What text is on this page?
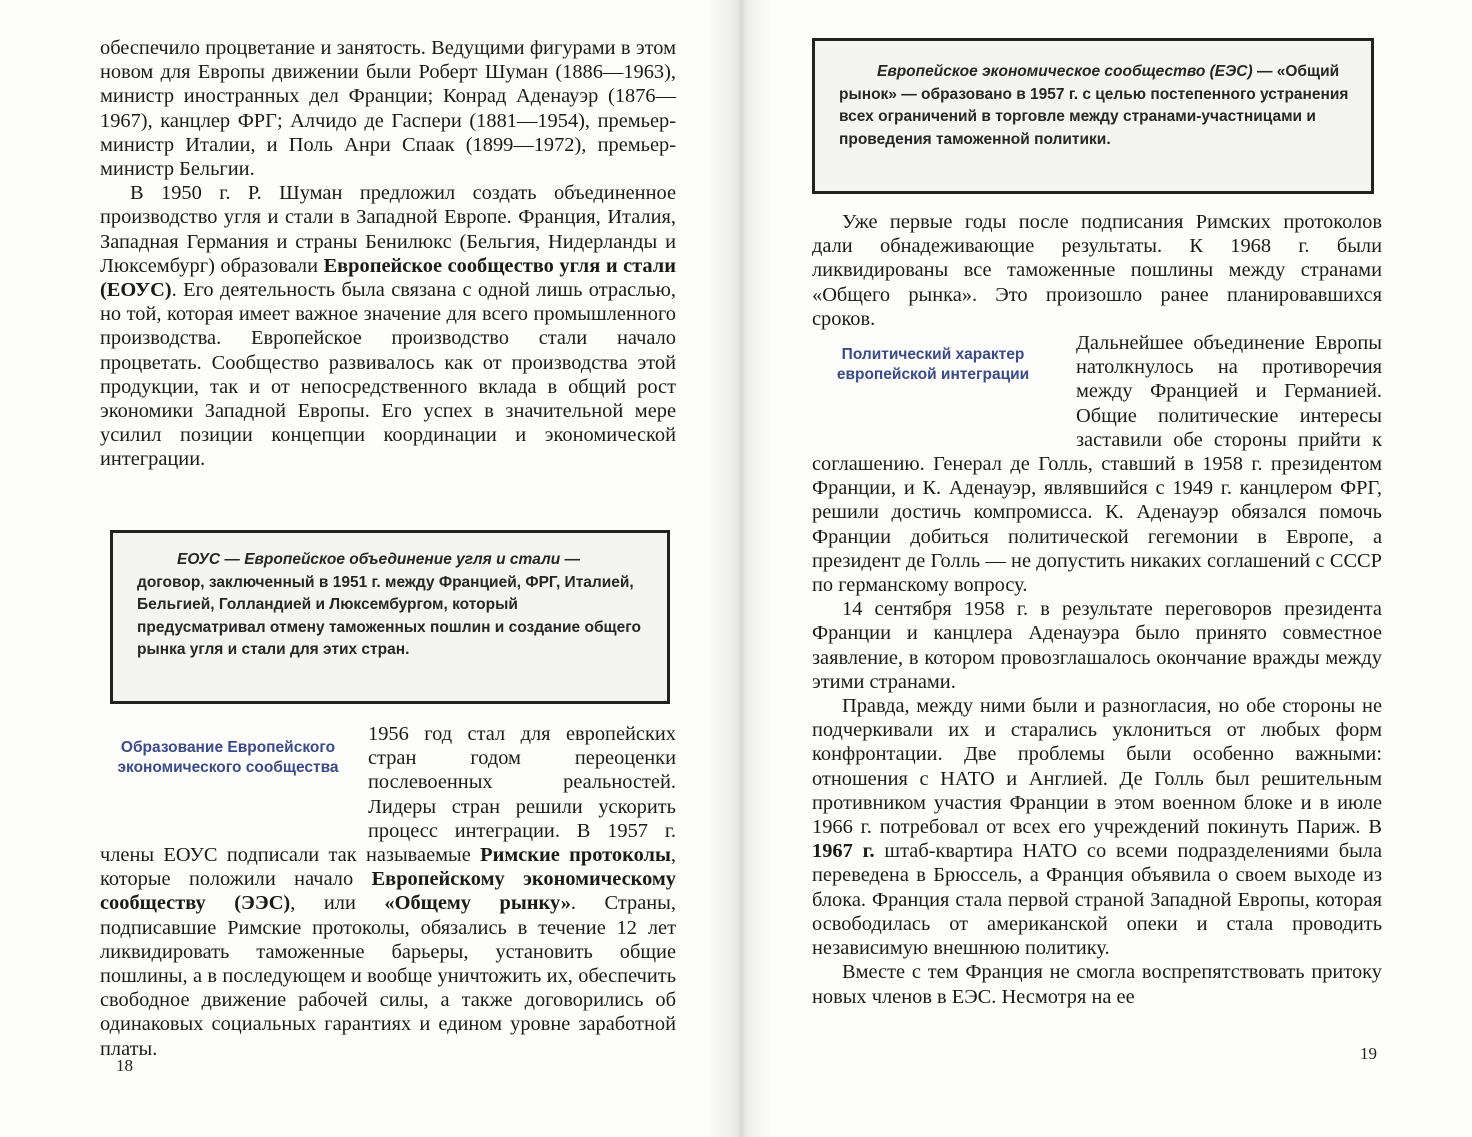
обеспечило процветание и занятость. Ведущими фигурами в этом новом для Европы движении были Роберт Шуман (1886—1963), министр иностранных дел Франции; Конрад Аденауэр (1876—1967), канцлер ФРГ; Алчидо де Гаспери (1881—1954), премьер-министр Италии, и Поль Анри Спаак (1899—1972), премьер-министр Бельгии.

В 1950 г. Р. Шуман предложил создать объединенное производство угля и стали в Западной Европе. Франция, Италия, Западная Германия и страны Бенилюкс (Бельгия, Нидерланды и Люксембург) образовали Европейское сообщество угля и стали (ЕОУС). Его деятельность была связана с одной лишь отраслью, но той, которая имеет важное значение для всего промышленного производства. Европейское производство стали начало процветать. Сообщество развивалось как от производства этой продукции, так и от непосредственного вклада в общий рост экономики Западной Европы. Его успех в значительной мере усилил позиции концепции координации и экономической интеграции.

ЕОУС — Европейское объединение угля и стали — договор, заключенный в 1951 г. между Францией, ФРГ, Италией, Бельгией, Голландией и Люксембургом, который предусматривал отмену таможенных пошлин и создание общего рынка угля и стали для этих стран.
Образование Европейского экономического сообщества

1956 год стал для европейских стран годом переоценки послевоенных реальностей. Лидеры стран решили ускорить процесс интеграции. В 1957 г. члены ЕОУС подписали так называемые Римские протоколы, которые положили начало Европейскому экономическому сообществу (ЭЭС), или «Общему рынку». Страны, подписавшие Римские протоколы, обязались в течение 12 лет ликвидировать таможенные барьеры, установить общие пошлины, а в последующем и вообще уничтожить их, обеспечить свободное движение рабочей силы, а также договорились об одинаковых социальных гарантиях и едином уровне заработной платы.

18
Европейское экономическое сообщество (ЕЭС) — «Общий рынок» — образовано в 1957 г. с целью постепенного устранения всех ограничений в торговле между странами-участницами и проведения таможенной политики.

Уже первые годы после подписания Римских протоколов дали обнадеживающие результаты. К 1968 г. были ликвидированы все таможенные пошлины между странами «Общего рынка». Это произошло ранее планировавшихся сроков.

Политический характер европейской интеграции

Дальнейшее объединение Европы натолкнулось на противоречия между Францией и Германией. Общие политические интересы заставили обе стороны прийти к соглашению. Генерал де Голль, ставший в 1958 г. президентом Франции, и К. Аденауэр, являвшийся с 1949 г. канцлером ФРГ, решили достичь компромисса. К. Аденауэр обязался помочь Франции добиться политической гегемонии в Европе, а президент де Голль — не допустить никаких соглашений с СССР по германскому вопросу.

14 сентября 1958 г. в результате переговоров президента Франции и канцлера Аденауэра было принято совместное заявление, в котором провозглашалось окончание вражды между этими странами.

Правда, между ними были и разногласия, но обе стороны не подчеркивали их и старались уклониться от любых форм конфронтации. Две проблемы были особенно важными: отношения с НАТО и Англией. Де Голль был решительным противником участия Франции в этом военном блоке и в июле 1966 г. потребовал от всех его учреждений покинуть Париж. В 1967 г. штаб-квартира НАТО со всеми подразделениями была переведена в Брюссель, а Франция объявила о своем выходе из блока. Франция стала первой страной Западной Европы, которая освободилась от американской опеки и стала проводить независимую внешнюю политику.

Вместе с тем Франция не смогла воспрепятствовать притоку новых членов в ЕЭС. Несмотря на ее

19
